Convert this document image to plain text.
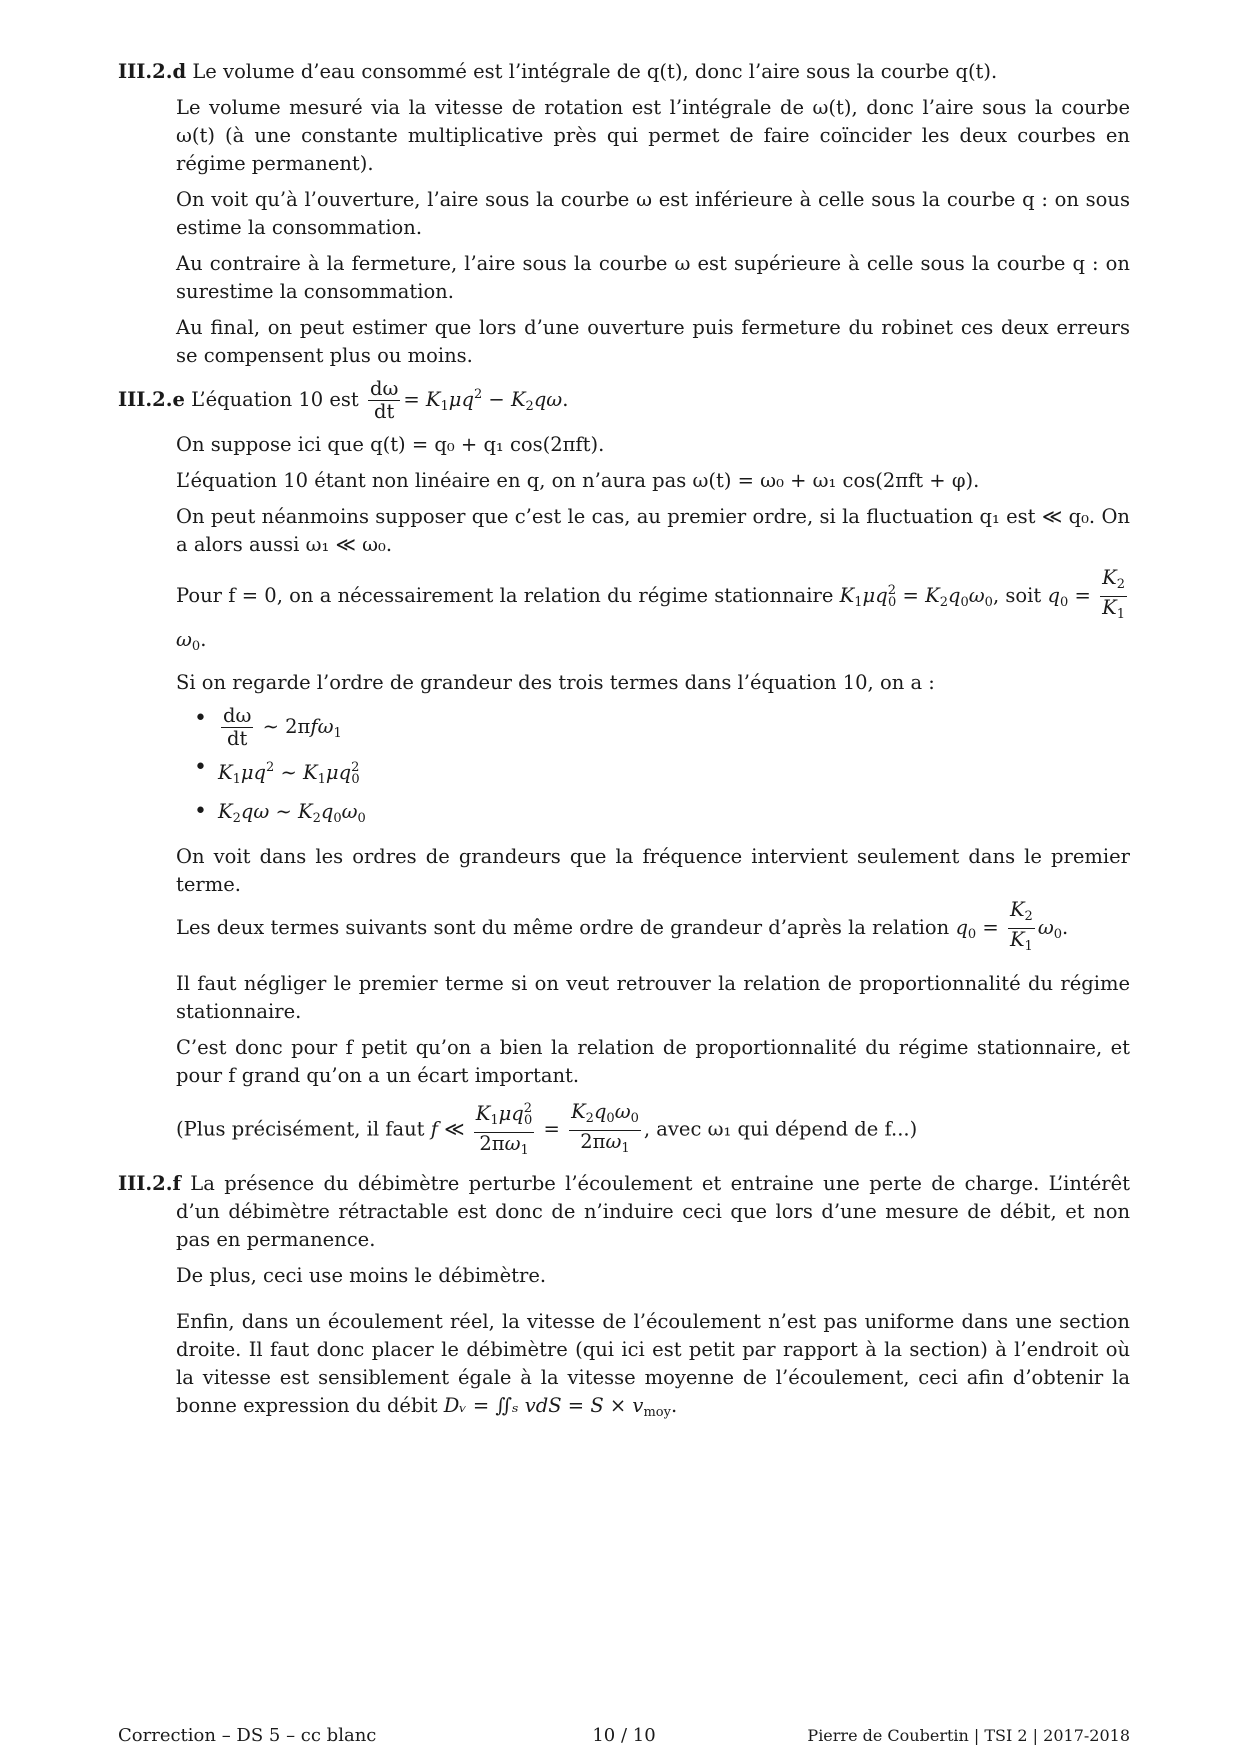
III.2.d Le volume d’eau consommé est l’intégrale de q(t), donc l’aire sous la courbe q(t).

Le volume mesuré via la vitesse de rotation est l’intégrale de ω(t), donc l’aire sous la courbe ω(t) (à une constante multiplicative près qui permet de faire coïncider les deux courbes en régime permanent).

On voit qu’à l’ouverture, l’aire sous la courbe ω est inférieure à celle sous la courbe q : on sous estime la consommation.

Au contraire à la fermeture, l’aire sous la courbe ω est supérieure à celle sous la courbe q : on surestime la consommation.

Au final, on peut estimer que lors d’une ouverture puis fermeture du robinet ces deux erreurs se compensent plus ou moins.

III.2.e L’équation 10 est $\frac{d\omega}{dt} = K_1\mu q^2 - K_2q\omega$.

On suppose ici que q(t) = q₀ + q₁ cos(2πft).

L’équation 10 étant non linéaire en q, on n’aura pas ω(t) = ω₀ + ω₁ cos(2πft + φ).

On peut néanmoins supposer que c’est le cas, au premier ordre, si la fluctuation q₁ est ≪ q₀. On a alors aussi ω₁ ≪ ω₀.

Pour f = 0, on a nécessairement la relation du régime stationnaire $K_1\mu q^2_0 = K_2q_0\omega_0$, soit $q_0 = \frac{K_2}{K_1}$
$\omega_0$.

Si on regarde l’ordre de grandeur des trois termes dans l’équation 10, on a :

• $\frac{d\omega}{dt}$ ∼ 2πfω$_1$
• $K_1\mu q^2$ ∼ $K_1\mu q^2_0$
• $K_2q\omega$ ∼ $K_2q_0\omega_0$

On voit dans les ordres de grandeurs que la fréquence intervient seulement dans le premier terme.
Les deux termes suivants sont du même ordre de grandeur d’après la relation $q_0 = \frac{K_2}{K_1} \omega_0$.

Il faut négliger le premier terme si on veut retrouver la relation de proportionnalité du régime stationnaire.

C’est donc pour f petit qu’on a bien la relation de proportionnalité du régime stationnaire, et pour f grand qu’on a un écart important.

(Plus précisément, il faut f ≪ $\frac{K_1\mu q^2_0}{2\pi\omega_1} = \frac{K_2q_0\omega_0}{2\pi\omega_1}$ , avec ω₁ qui dépend de f...)

III.2.f La présence du débimètre perturbe l’écoulement et entraine une perte de charge. L’intérêt d’un débimètre rétractable est donc de n’induire ceci que lors d’une mesure de débit, et non pas en permanence.

De plus, ceci use moins le débimètre.

Enfin, dans un écoulement réel, la vitesse de l’écoulement n’est pas uniforme dans une section droite. Il faut donc placer le débimètre (qui ici est petit par rapport à la section) à l’endroit où la vitesse est sensiblement égale à la vitesse moyenne de l’écoulement, ceci afin d’obtenir la bonne expression du débit Dᵥ = ∬ₛ vdS = $S \times v_{moy}$.

Correction – DS 5 – cc blanc	10 / 10	Pierre de Coubertin | TSI 2 | 2017-2018
